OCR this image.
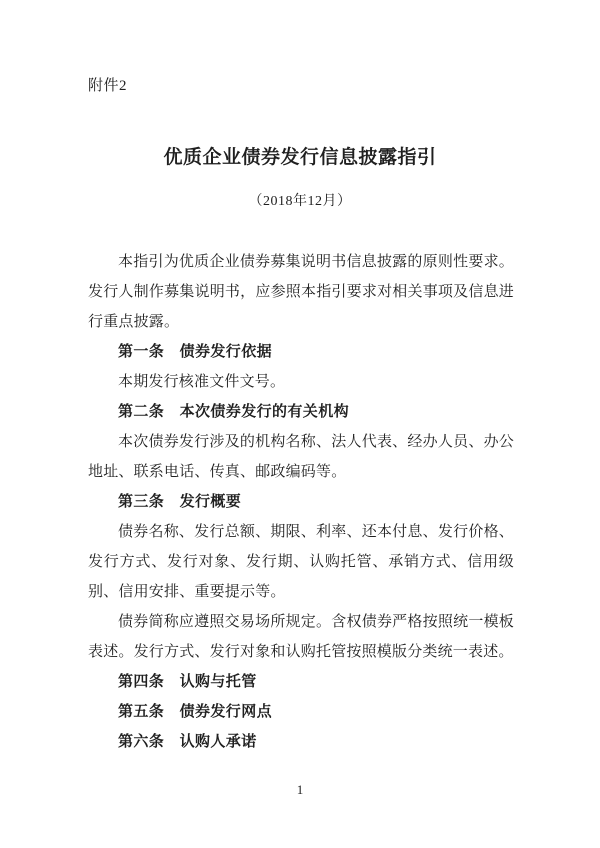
附件2
优质企业债券发行信息披露指引
（2018年12月）

本指引为优质企业债券募集说明书信息披露的原则性要求。发行人制作募集说明书，应参照本指引要求对相关事项及信息进行重点披露。

第一条　债券发行依据

本期发行核准文件文号。

第二条　本次债券发行的有关机构

本次债券发行涉及的机构名称、法人代表、经办人员、办公地址、联系电话、传真、邮政编码等。

第三条　发行概要

债券名称、发行总额、期限、利率、还本付息、发行价格、发行方式、发行对象、发行期、认购托管、承销方式、信用级别、信用安排、重要提示等。

债券简称应遵照交易场所规定。含权债券严格按照统一模板表述。发行方式、发行对象和认购托管按照模版分类统一表述。

第四条　认购与托管

第五条　债券发行网点

第六条　认购人承诺

1
